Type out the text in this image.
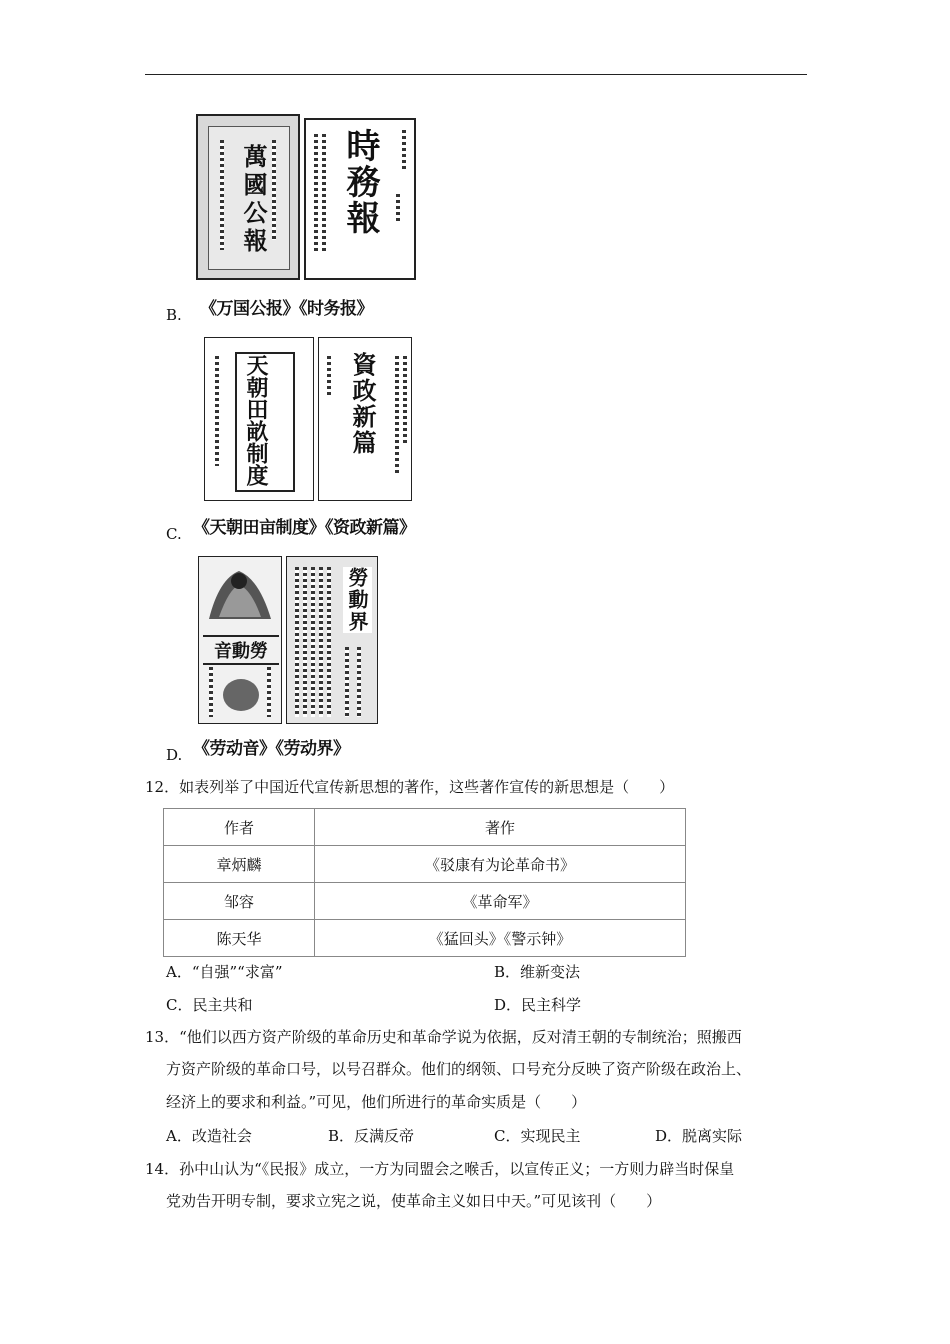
萬國公報 時務報
《万国公报》《时务报》
B.
天朝田畝制度	資政新篇
《天朝田亩制度》《资政新篇》
C.
音動勞
勞動界
《劳动音》《劳动界》
D.
12．如表列举了中国近代宣传新思想的著作，这些著作宣传的新思想是（　　）
作者	著作
章炳麟	《驳康有为论革命书》
邹容	《革命军》
陈天华	《猛回头》《警示钟》
A．“自强”“求富”	B．维新变法
C．民主共和	D．民主科学
13．“他们以西方资产阶级的革命历史和革命学说为依据，反对清王朝的专制统治；照搬西
方资产阶级的革命口号，以号召群众。他们的纲领、口号充分反映了资产阶级在政治上、
经济上的要求和利益。”可见，他们所进行的革命实质是（　　）
A．改造社会	B．反满反帝	C．实现民主	D．脱离实际
14．孙中山认为“《民报》成立，一方为同盟会之喉舌，以宣传正义；一方则力辟当时保皇
党劝告开明专制，要求立宪之说，使革命主义如日中天。”可见该刊（　　）
